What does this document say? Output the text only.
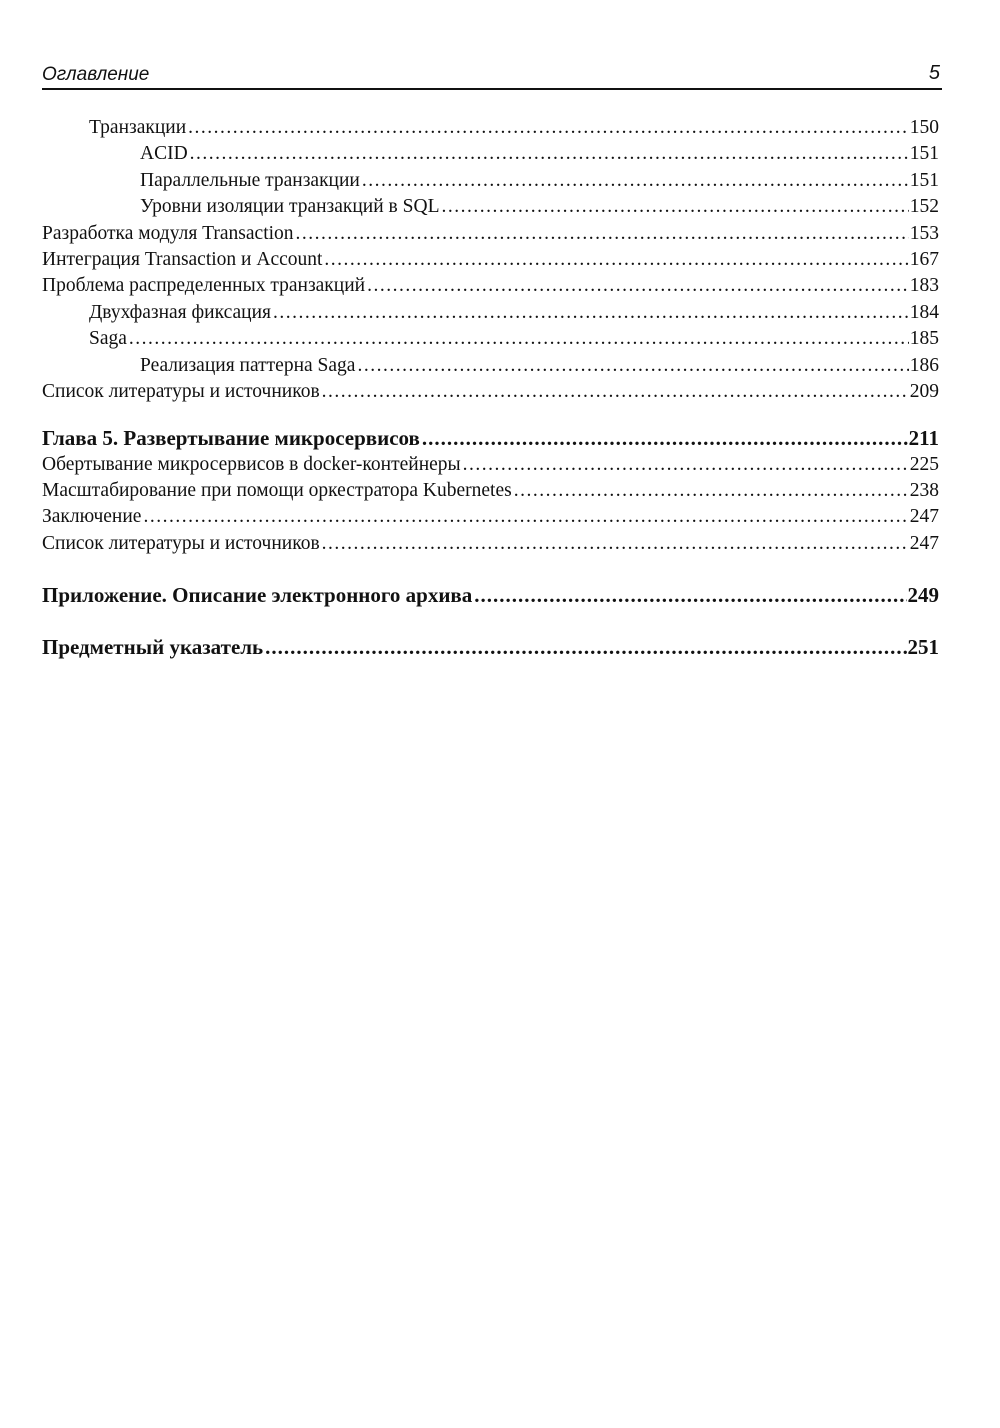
Оглавление	5
Транзакции .....	150
ACID .....	151
Параллельные транзакции .....	151
Уровни изоляции транзакций в SQL .....	152
Разработка модуля Transaction .....	153
Интеграция Transaction и Account .....	167
Проблема распределенных транзакций .....	183
Двухфазная фиксация .....	184
Saga .....	185
Реализация паттерна Saga .....	186
Список литературы и источников .....	209
Глава 5. Развертывание микросервисов .....	211
Обертывание микросервисов в docker-контейнеры .....	225
Масштабирование при помощи оркестратора Kubernetes .....	238
Заключение .....	247
Список литературы и источников .....	247
Приложение. Описание электронного архива .....	249
Предметный указатель .....	251
